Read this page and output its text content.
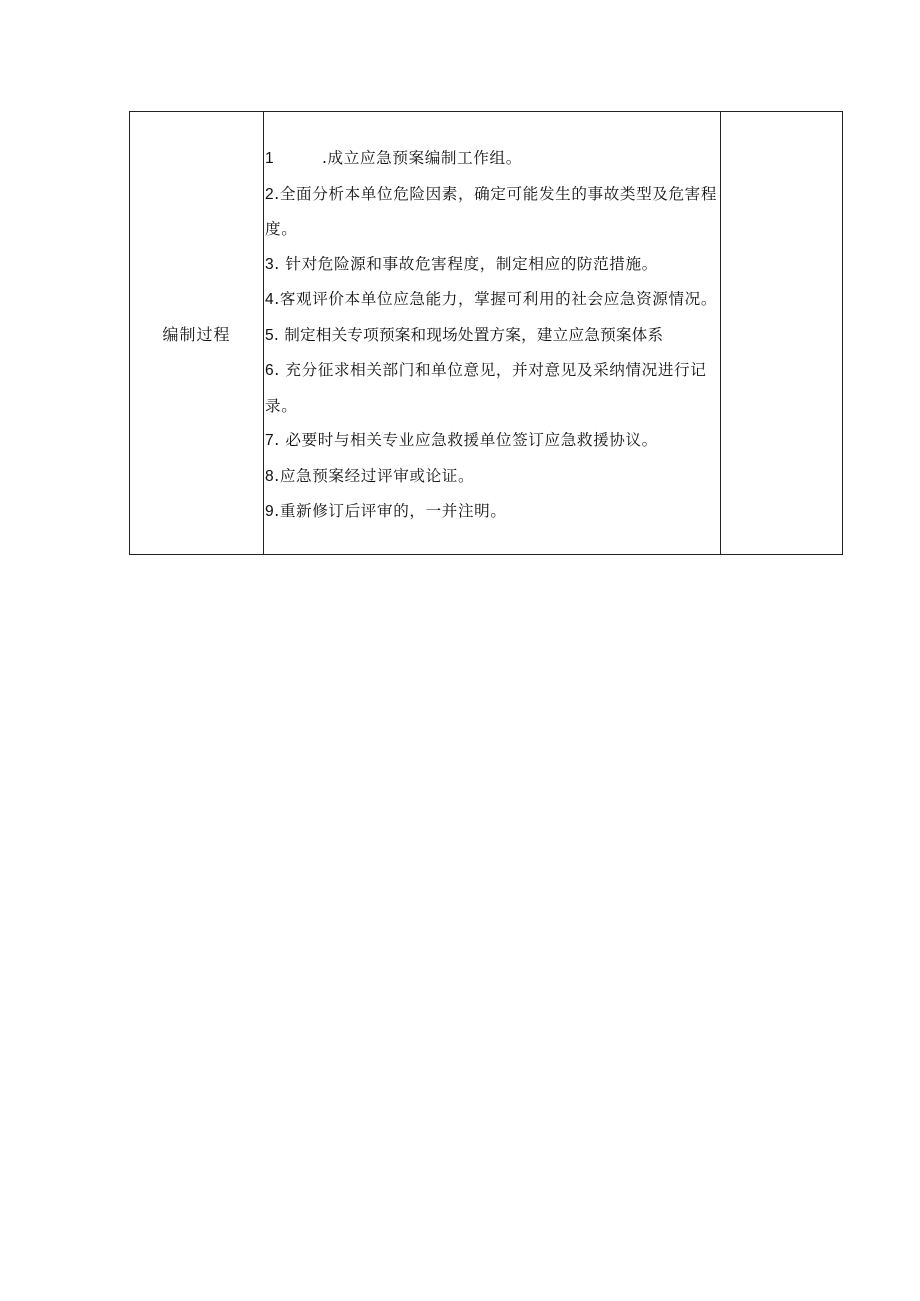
编制过程	

1	.成立应急预案编制工作组。

2.全面分析本单位危险因素，确定可能发生的事故类型及危害程度。

3. 针对危险源和事故危害程度，制定相应的防范措施。

4.客观评价本单位应急能力，掌握可利用的社会应急资源情况。

5. 制定相关专项预案和现场处置方案，建立应急预案体系

6. 充分征求相关部门和单位意见，并对意见及采纳情况进行记录。

7. 必要时与相关专业应急救援单位签订应急救援协议。

8.应急预案经过评审或论证。

9.重新修订后评审的，一并注明。
